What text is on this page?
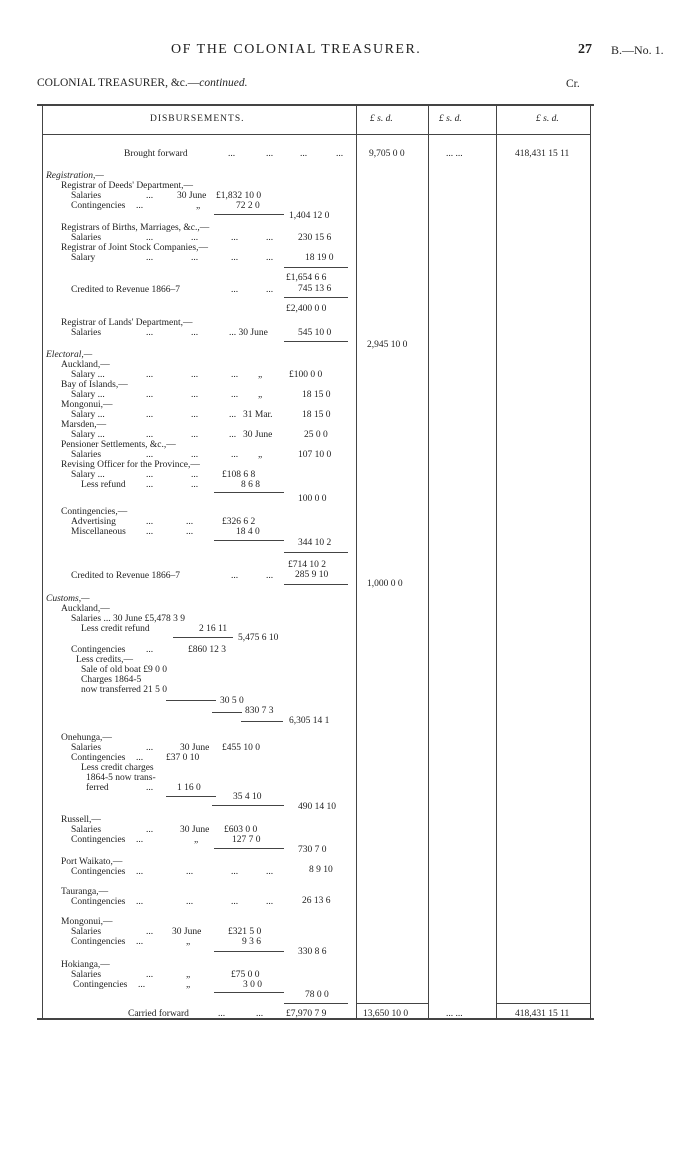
OF THE COLONIAL TREASURER.	27 B.—No. 1.
COLONIAL TREASURER, &c.—continued.	Cr.
DISBURSEMENTS.	£ s. d.	£ s. d.	£ s. d.
Brought forward	...	...	...	...	9,705 0 0	... ...	418,431 15 11
Registration,—
Registrar of Deeds' Department,—
Salaries	...	30 June £1,832 10 0
Contingencies ...	„	72 2 0
1,404 12 0
Registrars of Births, Marriages, &c.,—
Salaries	...	...	...	...	230 15 6
Registrar of Joint Stock Companies,—
Salary	...	...	...	...	18 19 0
£1,654 6 6
Credited to Revenue 1866–7	...	...	745 13 6
£2,400 0 0
Registrar of Lands' Department,—
Salaries	...	...	... 30 June	545 10 0
2,945 10 0
Electoral,—
Auckland,—
Salary ...	...	...	... „	£100 0 0
Bay of Islands,—
Salary ...	...	...	... „	18 15 0
Mongonui,—
Salary ...	...	...	... 31 Mar.	18 15 0
Marsden,—
Salary ...	...	...	... 30 June	25 0 0
Pensioner Settlements, &c.,—
Salaries	...	...	... „	107 10 0
Revising Officer for the Province,—
Salary ...	...	...	£108 6 8
Less refund ...	...	8 6 8
100 0 0
Contingencies,—
Advertising	...	...	£326 6 2
Miscellaneous ...	...	18 4 0
344 10 2
£714 10 2
Credited to Revenue 1866–7	...	... 285 9 10
1,000 0 0
Customs,—
Auckland,—
Salaries ... 30 June £5,478 3 9
Less credit refund	2 16 11
5,475 6 10
Contingencies ...	£860 12 3
Less credits,—
Sale of old boat £9 0 0
Charges 1864-5
now transferred 21 5 0
30 5 0
830 7 3
6,305 14 1
Onehunga,—
Salaries	...	30 June £455 10 0
Contingencies ... £37 0 10
Less credit charges
1864-5 now trans-
ferred	...	1 16 0
35 4 10
490 14 10
Russell,—
Salaries	...	30 June £603 0 0
Contingencies ...	„	127 7 0
730 7 0
Port Waikato,—
Contingencies ...	...	...	...	8 9 10
Tauranga,—
Contingencies ...	...	...	...	26 13 6
Mongonui,—
Salaries	... 30 June	£321 5 0
Contingencies ...	„	9 3 6
330 8 6
Hokianga,—
Salaries	...	„	£75 0 0
Contingencies ...	„	3 0 0
78 0 0
Carried forward	...	... £7,970 7 9	13,650 10 0	... ...	418,431 15 11
